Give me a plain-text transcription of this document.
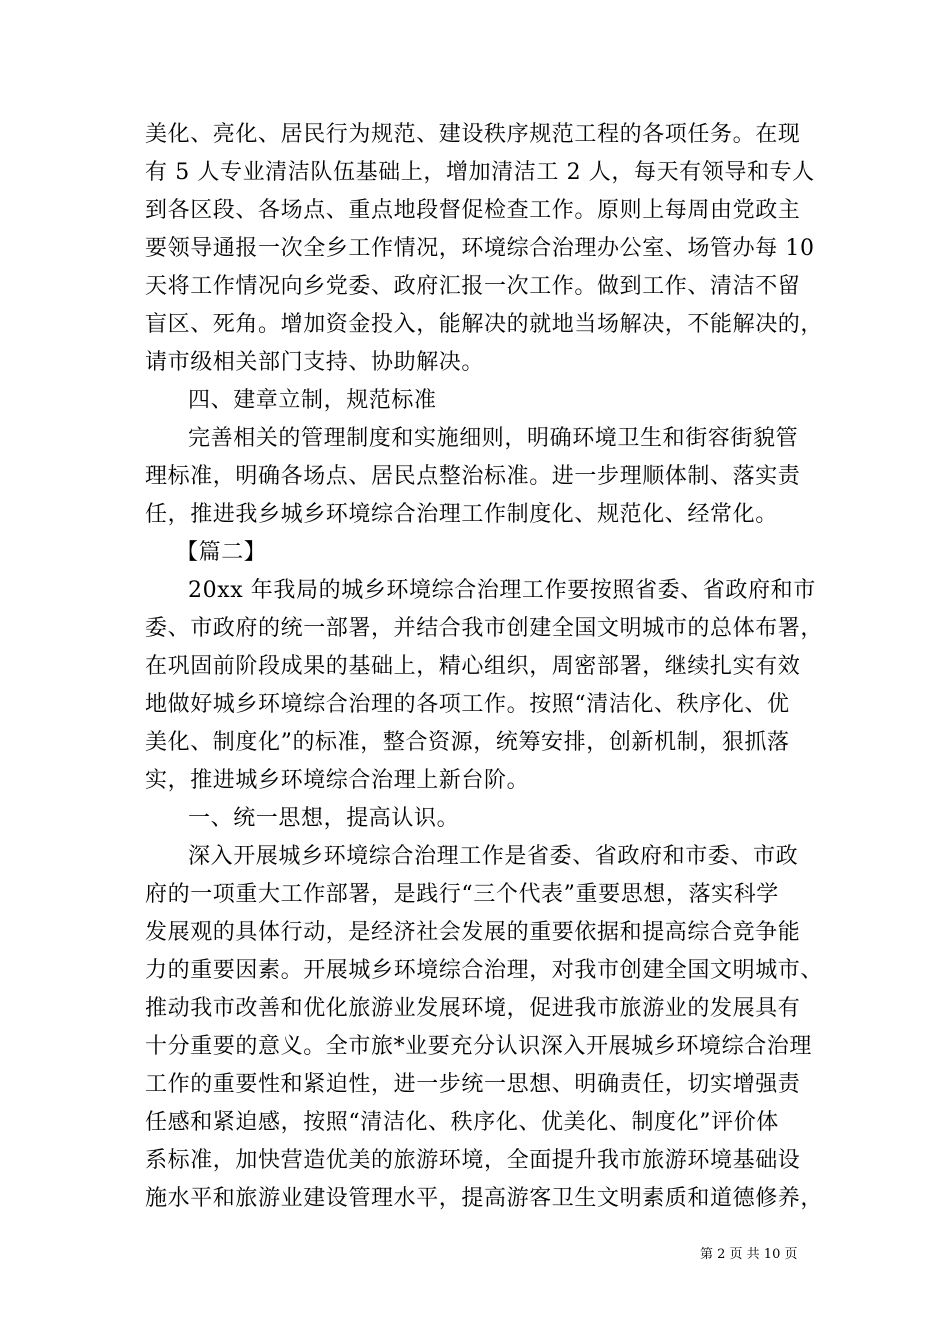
美化、亮化、居民行为规范、建设秩序规范工程的各项任务。在现
有 5 人专业清洁队伍基础上，增加清洁工 2 人，每天有领导和专人
到各区段、各场点、重点地段督促检查工作。原则上每周由党政主
要领导通报一次全乡工作情况，环境综合治理办公室、场管办每 10
天将工作情况向乡党委、政府汇报一次工作。做到工作、清洁不留
盲区、死角。增加资金投入，能解决的就地当场解决，不能解决的，
请市级相关部门支持、协助解决。
四、建章立制，规范标准
完善相关的管理制度和实施细则，明确环境卫生和街容街貌管
理标准，明确各场点、居民点整治标准。进一步理顺体制、落实责
任，推进我乡城乡环境综合治理工作制度化、规范化、经常化。
【篇二】
20xx 年我局的城乡环境综合治理工作要按照省委、省政府和市
委、市政府的统一部署，并结合我市创建全国文明城市的总体布署，
在巩固前阶段成果的基础上，精心组织，周密部署，继续扎实有效
地做好城乡环境综合治理的各项工作。按照“清洁化、秩序化、优
美化、制度化”的标准，整合资源，统筹安排，创新机制，狠抓落
实，推进城乡环境综合治理上新台阶。
一、统一思想，提高认识。
深入开展城乡环境综合治理工作是省委、省政府和市委、市政
府的一项重大工作部署，是践行“三个代表”重要思想，落实科学
发展观的具体行动，是经济社会发展的重要依据和提高综合竞争能
力的重要因素。开展城乡环境综合治理，对我市创建全国文明城市、
推动我市改善和优化旅游业发展环境，促进我市旅游业的发展具有
十分重要的意义。全市旅*业要充分认识深入开展城乡环境综合治理
工作的重要性和紧迫性，进一步统一思想、明确责任，切实增强责
任感和紧迫感，按照“清洁化、秩序化、优美化、制度化”评价体
系标准，加快营造优美的旅游环境，全面提升我市旅游环境基础设
施水平和旅游业建设管理水平，提高游客卫生文明素质和道德修养，
第 2 页 共 10 页
